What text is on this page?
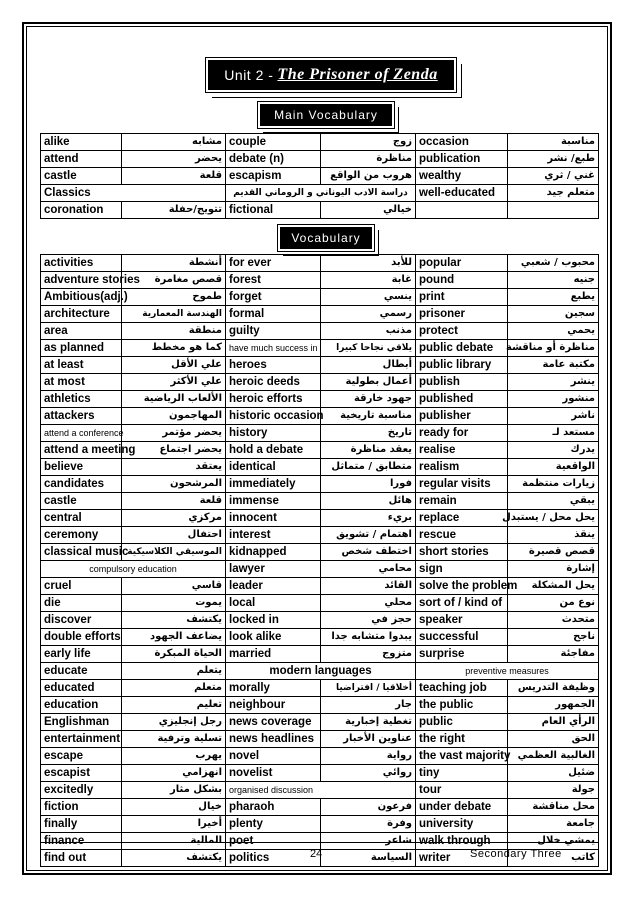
Unit 2 - The Prisoner of Zenda
Main Vocabulary
alike	مشابه	couple	زوج	occasion	مناسبة
attend	يحضر	debate (n)	مناظرة	publication	طبع/ نشر
castle	قلعة	escapism	هروب من الواقع	wealthy	غني / ثري
Classics		دراسة الادب اليوناني و الروماني القديم		well-educated	متعلم جيد
coronation	تتويج/حفلة	fictional	خيالي		
Vocabulary
activities	أنشطة	for ever	للأبد	popular	محبوب / شعبي
adventure stories	قصص مغامرة	forest	غابة	pound	جنيه
Ambitious(adj.)	طموح	forget	ينسي	print	يطبع
architecture	الهندسة المعمارية	formal	رسمي	prisoner	سجين
area	منطقة	guilty	مذنب	protect	يحمي
as planned	كما هو مخطط	have much success in	يلاقي نجاحا كبيرا	public debate	مناظرة أو مناقشة
at least	علي الأقل	heroes	أبطال	public library	مكتبة عامة
at most	علي الأكثر	heroic deeds	أعمال بطولية	publish	ينشر
athletics	الألعاب الرياضية	heroic efforts	جهود خارقة	published	منشور
attackers	المهاجمون	historic occasion	مناسبة تاريخية	publisher	ناشر
attend a conference	يحضر مؤتمر	history	تاريخ	ready for	مستعد لـ
attend a meeting	يحضر اجتماع	hold a debate	يعقد مناظرة	realise	يدرك
believe	يعتقد	identical	متطابق / متماثل	realism	الواقعية
candidates	المرشحون	immediately	فورا	regular visits	زيارات منتظمة
castle	قلعة	immense	هائل	remain	يبقي
central	مركزي	innocent	بريء	replace	يحل محل / يستبدل
ceremony	احتفال	interest	اهتمام / تشويق	rescue	ينقذ
classical music	الموسيقي الكلاسيكية	kidnapped	اختطف شخص	short stories	قصص قصيرة
compulsory education		lawyer	محامي	sign	إشارة
cruel	قاسي	leader	القائد	solve the problem	يحل المشكلة
die	يموت	local	محلي	sort of / kind of	نوع من
discover	يكتشف	locked in	حجز في	speaker	متحدث
double efforts	يضاعف الجهود	look alike	يبدوا متشابه جدا	successful	ناجح
early life	الحياة المبكرة	married	متزوج	surprise	مفاجئة
educate	يتعلم	modern languages		preventive measures	
educated	متعلم	morally	أخلاقيا / افتراضيا	teaching job	وظيفة التدريس
education	تعليم	neighbour	جار	the public	الجمهور
Englishman	رجل إنجليزي	news coverage	تغطية إخبارية	public	الرأي العام
entertainment	تسلية وترفية	news headlines	عناوين الأخبار	the right	الحق
escape	يهرب	novel	رواية	the vast majority	الغالبية العظمي
escapist	انهزامي	novelist	روائي	tiny	ضئيل
excitedly	بشكل مثار	organised discussion		tour	جولة
fiction	خيال	pharaoh	فرعون	under debate	محل مناقشة
finally	أخيرا	plenty	وفرة	university	جامعة
finance	المالية	poet	شاعر	walk through	يمشي خلال
find out	يكتشف	politics	السياسة	writer	كاتب
24	Secondary Three
